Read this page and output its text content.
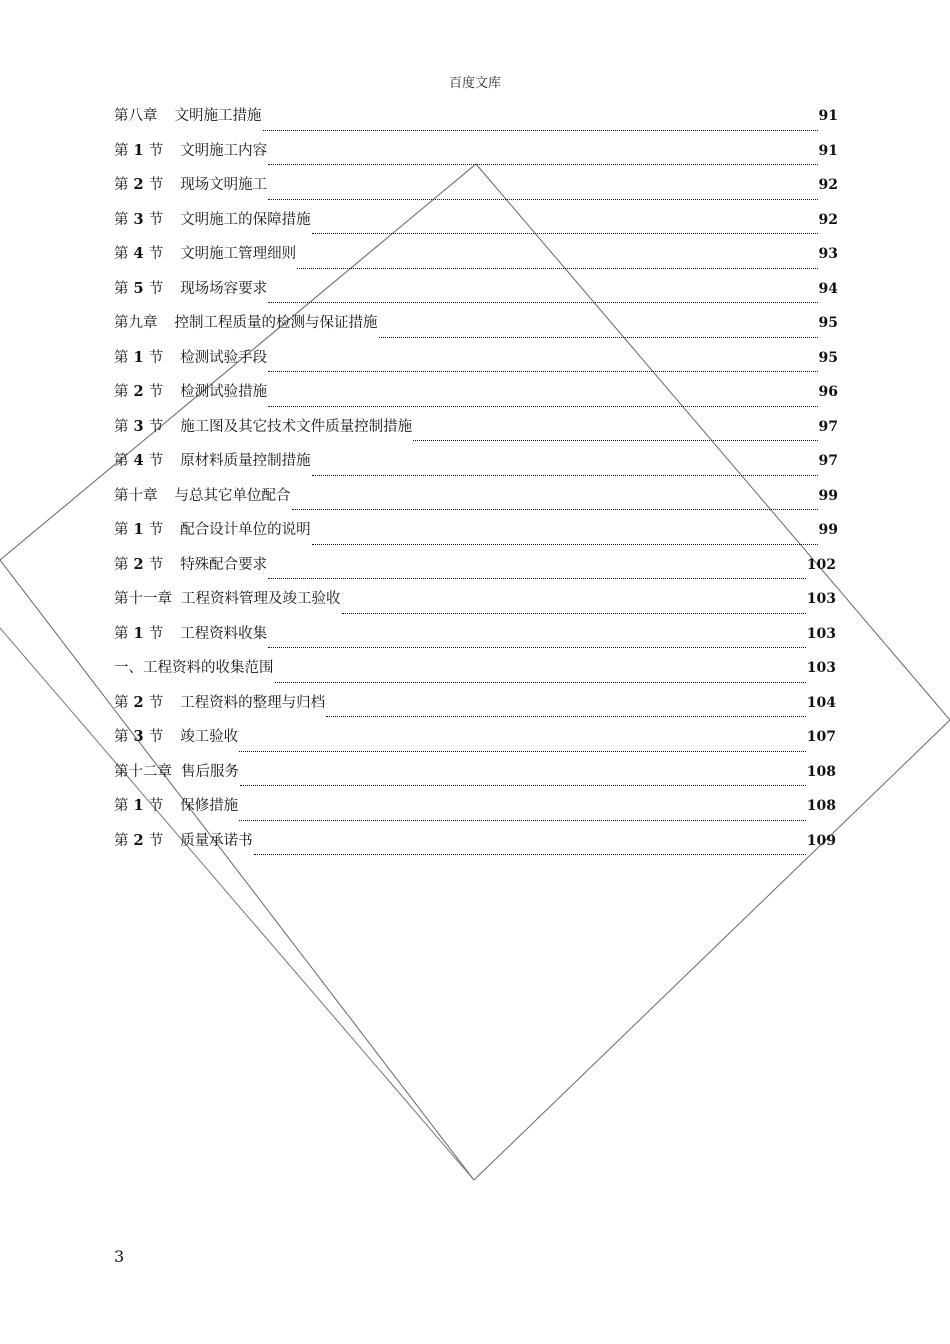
百度文库
第八章	文明施工措施	91
第 1 节	文明施工内容	91
第 2 节	现场文明施工	92
第 3 节	文明施工的保障措施	92
第 4 节	文明施工管理细则	93
第 5 节	现场场容要求	94
第九章	控制工程质量的检测与保证措施	95
第 1 节	检测试验手段	95
第 2 节	检测试验措施	96
第 3 节	施工图及其它技术文件质量控制措施	97
第 4 节	原材料质量控制措施	97
第十章	与总其它单位配合	99
第 1 节	配合设计单位的说明	99
第 2 节	特殊配合要求	102
第十一章 工程资料管理及竣工验收	103
第 1 节	工程资料收集	103
一、 工程资料的收集范围	103
第 2 节	工程资料的整理与归档	104
第 3 节	竣工验收	107
第十二章 售后服务	108
第 1 节	保修措施	108
第 2 节	质量承诺书	109
3
